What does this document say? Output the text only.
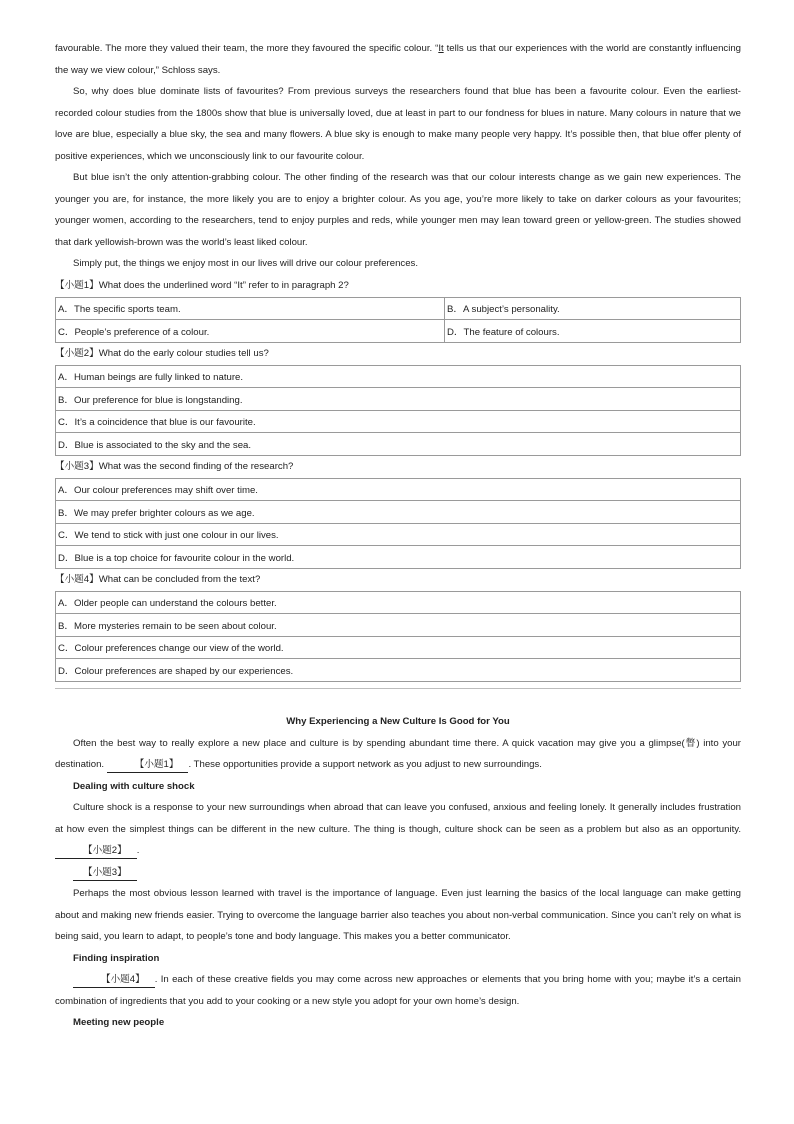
favourable. The more they valued their team, the more they favoured the specific colour. “It tells us that our experiences with the world are constantly influencing the way we view colour,” Schloss says.

So, why does blue dominate lists of favourites? From previous surveys the researchers found that blue has been a favourite colour. Even the earliest-recorded colour studies from the 1800s show that blue is universally loved, due at least in part to our fondness for blues in nature. Many colours in nature that we love are blue, especially a blue sky, the sea and many flowers. A blue sky is enough to make many people very happy. It’s possible then, that blue offer plenty of positive experiences, which we unconsciously link to our favourite colour.

But blue isn’t the only attention-grabbing colour. The other finding of the research was that our colour interests change as we gain new experiences. The younger you are, for instance, the more likely you are to enjoy a brighter colour. As you age, you’re more likely to take on darker colours as your favourites; younger women, according to the researchers, tend to enjoy purples and reds, while younger men may lean toward green or yellow-green. The studies showed that dark yellowish-brown was the world’s least liked colour.

Simply put, the things we enjoy most in our lives will drive our colour preferences.

【小题1】What does the underlined word “It” refer to in paragraph 2?
A．The specific sports team.	B．A subject’s personality.
C．People’s preference of a colour.	D．The feature of colours.
【小题2】What do the early colour studies tell us?
A．Human beings are fully linked to nature.
B．Our preference for blue is longstanding.
C．It’s a coincidence that blue is our favourite.
D．Blue is associated to the sky and the sea.
【小题3】What was the second finding of the research?
A．Our colour preferences may shift over time.
B．We may prefer brighter colours as we age.
C．We tend to stick with just one colour in our lives.
D．Blue is a top choice for favourite colour in the world.
【小题4】What can be concluded from the text?
A．Older people can understand the colours better.
B．More mysteries remain to be seen about colour.
C．Colour preferences change our view of the world.
D．Colour preferences are shaped by our experiences.
Why Experiencing a New Culture Is Good for You

Often the best way to really explore a new place and culture is by spending abundant time there. A quick vacation may give you a glimpse(瞥) into your destination.	【小题1】 . These opportunities provide a support network as you adjust to new surroundings.

Dealing with culture shock

Culture shock is a response to your new surroundings when abroad that can leave you confused, anxious and feeling lonely. It generally includes frustration at how even the simplest things can be different in the new culture. The thing is though, culture shock can be seen as a problem but also as an opportunity. 【小题2】 .

【小题3】

Perhaps the most obvious lesson learned with travel is the importance of language. Even just learning the basics of the local language can make getting about and making new friends easier. Trying to overcome the language barrier also teaches you about non-verbal communication. Since you can’t rely on what is being said, you learn to adapt, to people’s tone and body language. This makes you a better communicator.

Finding inspiration

【小题4】 . In each of these creative fields you may come across new approaches or elements that you bring home with you; maybe it’s a certain combination of ingredients that you add to your cooking or a new style you adopt for your own home’s design.

Meeting new people
